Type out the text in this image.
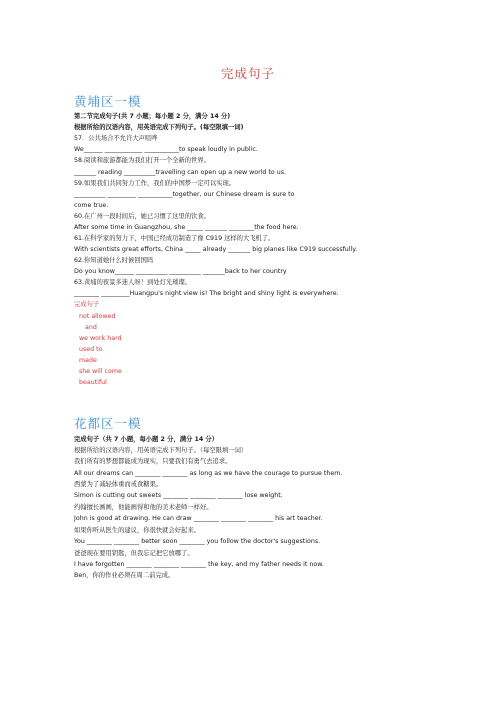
完成句子
黄埔区一模
第二节完成句子(共 7 小题；每小题 2 分，满分 14 分)
根据所给的汉语内容，用英语完成下列句子。(每空限填一词)
57．公共场合不允许大声喧哗
We______ ____________ ___________to speak loudly in public.
58.阅读和旅游都能为我们打开一个全新的世界。
_______ reading __________travelling can open up a new world to us.
59.如果我们共同努力工作，我们的中国梦一定可以实现。
__________ _________ ___________together, our Chinese dream is sure to
come true.
60.在广州一段时间后，她已习惯了这里的饮食。
After some time in Guangzhou, she _____ _______ ________the food here.
61.在科学家的努力下，中国已经成功制造了像 C919 这样的大飞机了。
With scientists great efforts, China _____ already _______ big planes like C919 successfully.
62.你知道她什么时候回国吗
Do you know______ __________ __________ _______back to her country
63.黄埔的夜景多迷人呀！到处灯光璀璨。
________ _________Huangpu's night view is! The bright and shiny light is everywhere.
完成句子
not allowed
and
we work hard
used to
made
she will come
beautiful
花都区一模
完成句子（共 7 小题，每小题 2 分，满分 14 分）
根据所给的汉语内容，用英语完成下列句子。（每空限填一词）
我们所有的梦想都能成为现实，只要我们有勇气去追求。
All our dreams can ________ ________ as long as we have the courage to pursue them.
西蒙为了减轻体重而戒食糖果。
Simon is cutting out sweets ________ ________ ________ lose weight.
约翰擅长画画，他能画得和他的美术老师一样好。
John is good at drawing. He can draw ________ ________ ________ his art teacher.
如果你听从医生的建议，你很快就会好起来。
You ________ ________ better soon ________ you follow the doctor's suggestions.
爸爸现在要用钥匙，但我忘记把它放哪了。
I have forgotten ________ ________ ________ the key, and my father needs it now.
Ben，你的作业必须在周二前完成。
